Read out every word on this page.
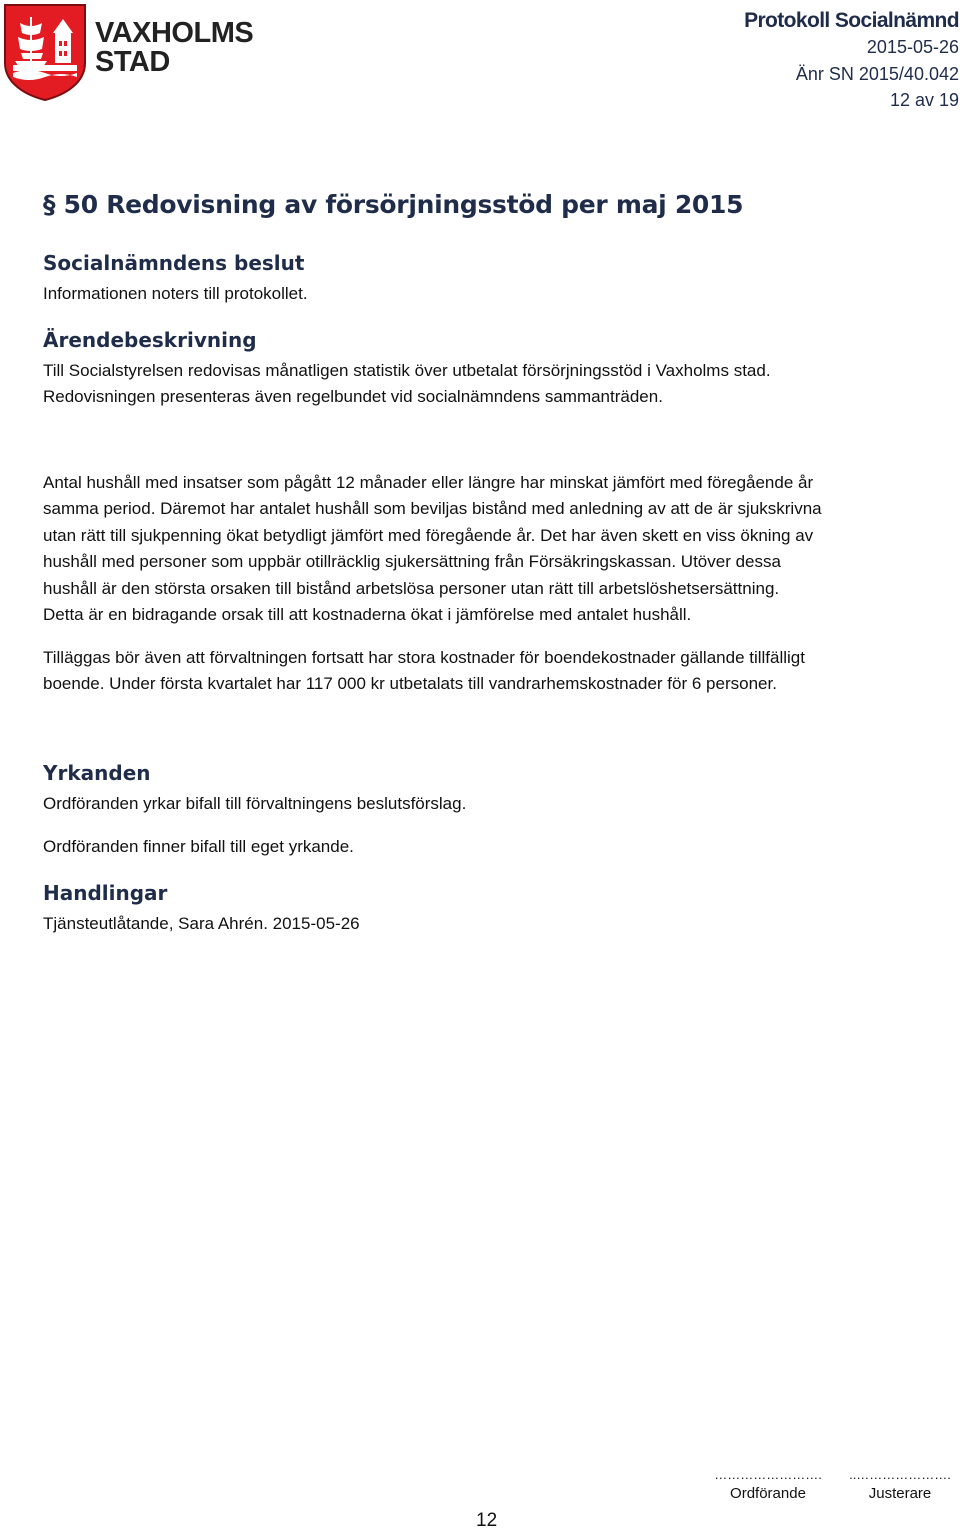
VAXHOLMS
STAD
Protokoll Socialnämnd
2015-05-26
Änr SN 2015/40.042
12 av 19
§ 50 Redovisning av försörjningsstöd per maj 2015
Socialnämndens beslut
Informationen noters till protokollet.
Ärendebeskrivning
Till Socialstyrelsen redovisas månatligen statistik över utbetalat försörjningsstöd i Vaxholms stad.
Redovisningen presenteras även regelbundet vid socialnämndens sammanträden.
Antal hushåll med insatser som pågått 12 månader eller längre har minskat jämfört med föregående år
samma period. Däremot har antalet hushåll som beviljas bistånd med anledning av att de är sjukskrivna
utan rätt till sjukpenning ökat betydligt jämfört med föregående år. Det har även skett en viss ökning av
hushåll med personer som uppbär otillräcklig sjukersättning från Försäkringskassan. Utöver dessa
hushåll är den största orsaken till bistånd arbetslösa personer utan rätt till arbetslöshetsersättning.
Detta är en bidragande orsak till att kostnaderna ökat i jämförelse med antalet hushåll.
Tilläggas bör även att förvaltningen fortsatt har stora kostnader för boendekostnader gällande tillfälligt
boende. Under första kvartalet har 117 000 kr utbetalats till vandrarhemskostnader för 6 personer.
Yrkanden
Ordföranden yrkar bifall till förvaltningens beslutsförslag.
Ordföranden finner bifall till eget yrkande.
Handlingar
Tjänsteutlåtande, Sara Ahrén. 2015-05-26
12
…………………….
Ordförande
..………………….
Justerare
